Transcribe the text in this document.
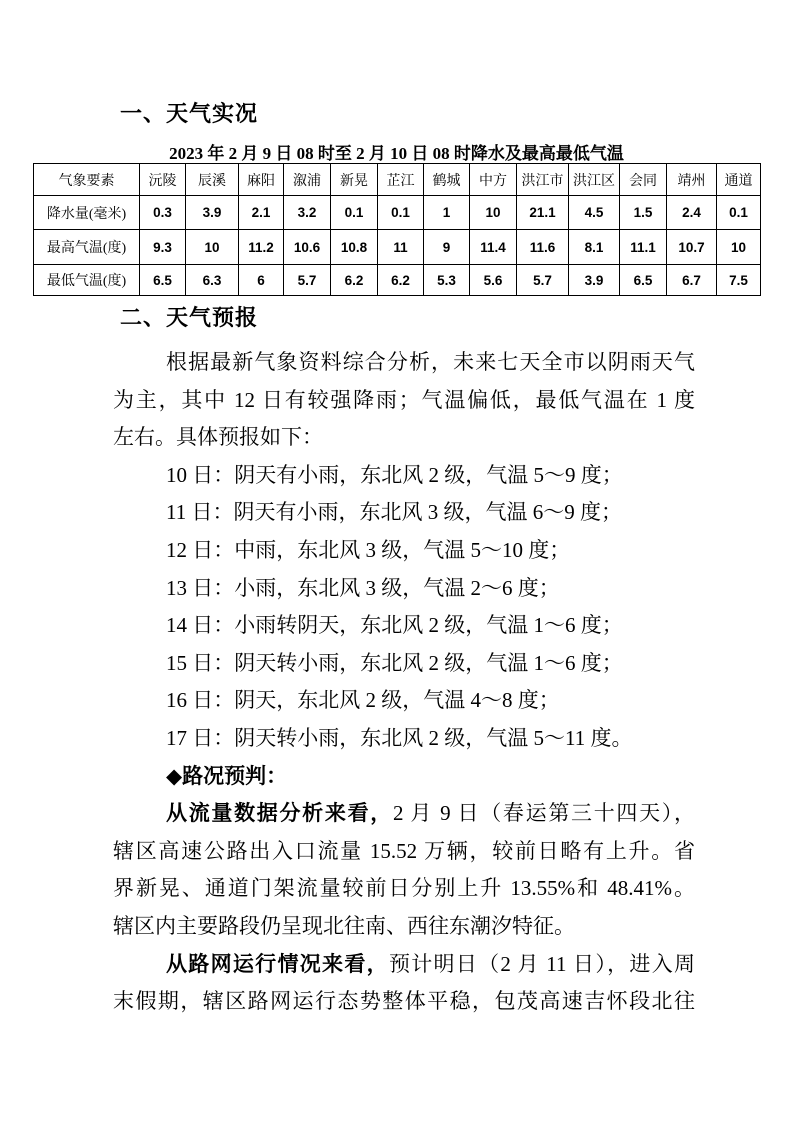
一、天气实况
2023 年 2 月 9 日 08 时至 2 月 10 日 08 时降水及最高最低气温
气象要素	沅陵	辰溪	麻阳	溆浦	新晃	芷江	鹤城	中方	洪江市	洪江区	会同	靖州	通道
降水量(毫米)	0.3	3.9	2.1	3.2	0.1	0.1	1	10	21.1	4.5	1.5	2.4	0.1
最高气温(度)	9.3	10	11.2	10.6	10.8	11	9	11.4	11.6	8.1	11.1	10.7	10
最低气温(度)	6.5	6.3	6	5.7	6.2	6.2	5.3	5.6	5.7	3.9	6.5	6.7	7.5
二、天气预报
根据最新气象资料综合分析，未来七天全市以阴雨天气
为主，其中 12 日有较强降雨；气温偏低，最低气温在 1 度
左右。具体预报如下：
10 日：阴天有小雨，东北风 2 级，气温 5～9 度；
11 日：阴天有小雨，东北风 3 级，气温 6～9 度；
12 日：中雨，东北风 3 级，气温 5～10 度；
13 日：小雨，东北风 3 级，气温 2～6 度；
14 日：小雨转阴天，东北风 2 级，气温 1～6 度；
15 日：阴天转小雨，东北风 2 级，气温 1～6 度；
16 日：阴天，东北风 2 级，气温 4～8 度；
17 日：阴天转小雨，东北风 2 级，气温 5～11 度。
◆路况预判：
从流量数据分析来看，2 月 9 日（春运第三十四天），
辖区高速公路出入口流量 15.52 万辆，较前日略有上升。省
界新晃、通道门架流量较前日分别上升 13.55%和 48.41%。
辖区内主要路段仍呈现北往南、西往东潮汐特征。
从路网运行情况来看，预计明日（2 月 11 日），进入周
末假期，辖区路网运行态势整体平稳，包茂高速吉怀段北往
